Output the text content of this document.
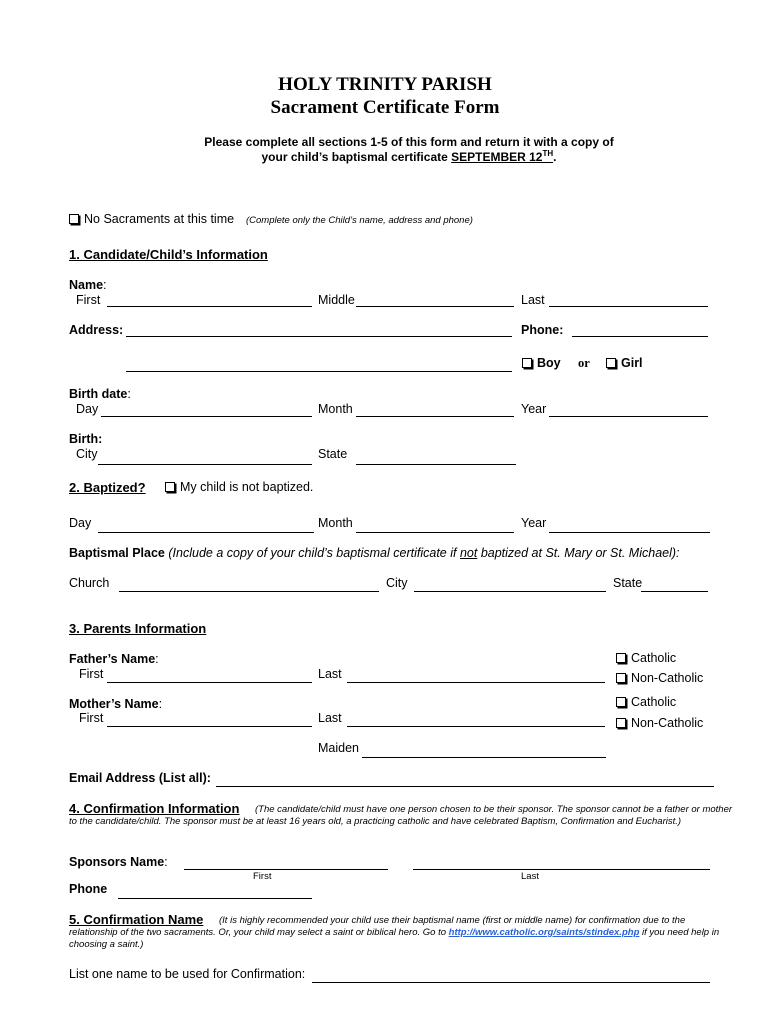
HOLY TRINITY PARISH
Sacrament Certificate Form
Please complete all sections 1-5 of this form and return it with a copy of
your child’s baptismal certificate SEPTEMBER 12TH.
No Sacraments at this time (Complete only the Child’s name, address and phone)
1. Candidate/Child’s Information
Name:
First	Middle	Last
Address:	Phone:
Boy or	Girl
Birth date:
Day	Month	Year
Birth:
City	State
2. Baptized?	My child is not baptized.
Day	Month	Year
Baptismal Place (Include a copy of your child’s baptismal certificate if not baptized at St. Mary or St. Michael):
Church	City	State
3. Parents Information
Father’s Name:
First	Last
Catholic
Non-Catholic
Mother’s Name:
First	Last
Catholic
Non-Catholic
Maiden
Email Address (List all):
4. Confirmation Information	(The candidate/child must have one person chosen to be their sponsor. The sponsor cannot be a father or mother to the candidate/child. The sponsor must be at least 16 years old, a practicing catholic and have celebrated Baptism, Confirmation and Eucharist.)
Sponsors Name:
First	Last
Phone
5. Confirmation Name	(It is highly recommended your child use their baptismal name (first or middle name) for confirmation due to the relationship of the two sacraments. Or, your child may select a saint or biblical hero. Go to http://www.catholic.org/saints/stindex.php if you need help in choosing a saint.)
List one name to be used for Confirmation:
